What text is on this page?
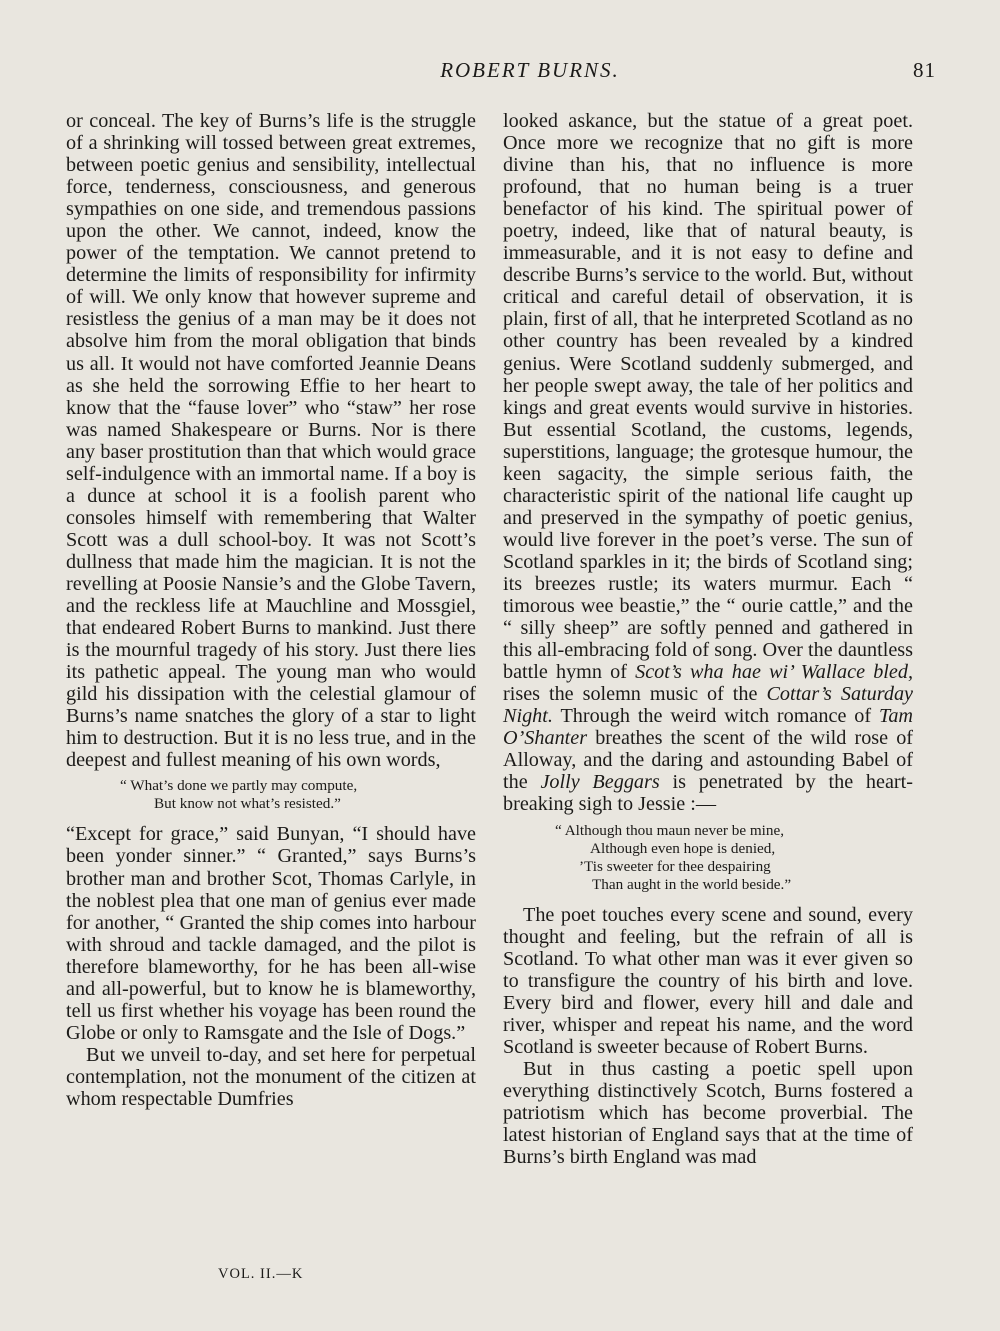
ROBERT BURNS.	81

or conceal. The key of Burns’s life is the struggle of a shrinking will tossed between great extremes, between poetic genius and sensibility, intellectual force, tenderness, consciousness, and generous sympathies on one side, and tremendous passions upon the other. We cannot, indeed, know the power of the temptation. We cannot pretend to determine the limits of responsibility for infirmity of will. We only know that however supreme and resistless the genius of a man may be it does not absolve him from the moral obligation that binds us all. It would not have comforted Jeannie Deans as she held the sorrowing Effie to her heart to know that the “fause lover” who “staw” her rose was named Shakespeare or Burns. Nor is there any baser prostitution than that which would grace self-indulgence with an immortal name. If a boy is a dunce at school it is a foolish parent who consoles himself with remembering that Walter Scott was a dull school-boy. It was not Scott’s dullness that made him the magician. It is not the revelling at Poosie Nansie’s and the Globe Tavern, and the reckless life at Mauchline and Mossgiel, that endeared Robert Burns to mankind. Just there is the mournful tragedy of his story. Just there lies its pathetic appeal. The young man who would gild his dissipation with the celestial glamour of Burns’s name snatches the glory of a star to light him to destruction. But it is no less true, and in the deepest and fullest meaning of his own words,

“ What’s done we partly may compute,
But know not what’s resisted.”

“Except for grace,” said Bunyan, “I should have been yonder sinner.” “ Granted,” says Burns’s brother man and brother Scot, Thomas Carlyle, in the noblest plea that one man of genius ever made for another, “ Granted the ship comes into harbour with shroud and tackle damaged, and the pilot is therefore blameworthy, for he has been all-wise and all-powerful, but to know he is blameworthy, tell us first whether his voyage has been round the Globe or only to Ramsgate and the Isle of Dogs.”

But we unveil to-day, and set here for perpetual contemplation, not the monument of the citizen at whom respectable Dumfries

looked askance, but the statue of a great poet. Once more we recognize that no gift is more divine than his, that no influence is more profound, that no human being is a truer benefactor of his kind. The spiritual power of poetry, indeed, like that of natural beauty, is immeasurable, and it is not easy to define and describe Burns’s service to the world. But, without critical and careful detail of observation, it is plain, first of all, that he interpreted Scotland as no other country has been revealed by a kindred genius. Were Scotland suddenly submerged, and her people swept away, the tale of her politics and kings and great events would survive in histories. But essential Scotland, the customs, legends, superstitions, language; the grotesque humour, the keen sagacity, the simple serious faith, the characteristic spirit of the national life caught up and preserved in the sympathy of poetic genius, would live forever in the poet’s verse. The sun of Scotland sparkles in it; the birds of Scotland sing; its breezes rustle; its waters murmur. Each “ timorous wee beastie,” the “ ourie cattle,” and the “ silly sheep” are softly penned and gathered in this all-embracing fold of song. Over the dauntless battle hymn of Scot’s wha hae wi’ Wallace bled, rises the solemn music of the Cottar’s Saturday Night. Through the weird witch romance of Tam O’Shanter breathes the scent of the wild rose of Alloway, and the daring and astounding Babel of the Jolly Beggars is penetrated by the heart-breaking sigh to Jessie :—

“ Although thou maun never be mine,
Although even hope is denied,
’Tis sweeter for thee despairing
Than aught in the world beside.”

The poet touches every scene and sound, every thought and feeling, but the refrain of all is Scotland. To what other man was it ever given so to transfigure the country of his birth and love. Every bird and flower, every hill and dale and river, whisper and repeat his name, and the word Scotland is sweeter because of Robert Burns.

But in thus casting a poetic spell upon everything distinctively Scotch, Burns fostered a patriotism which has become proverbial. The latest historian of England says that at the time of Burns’s birth England was mad

VOL. II.—K
